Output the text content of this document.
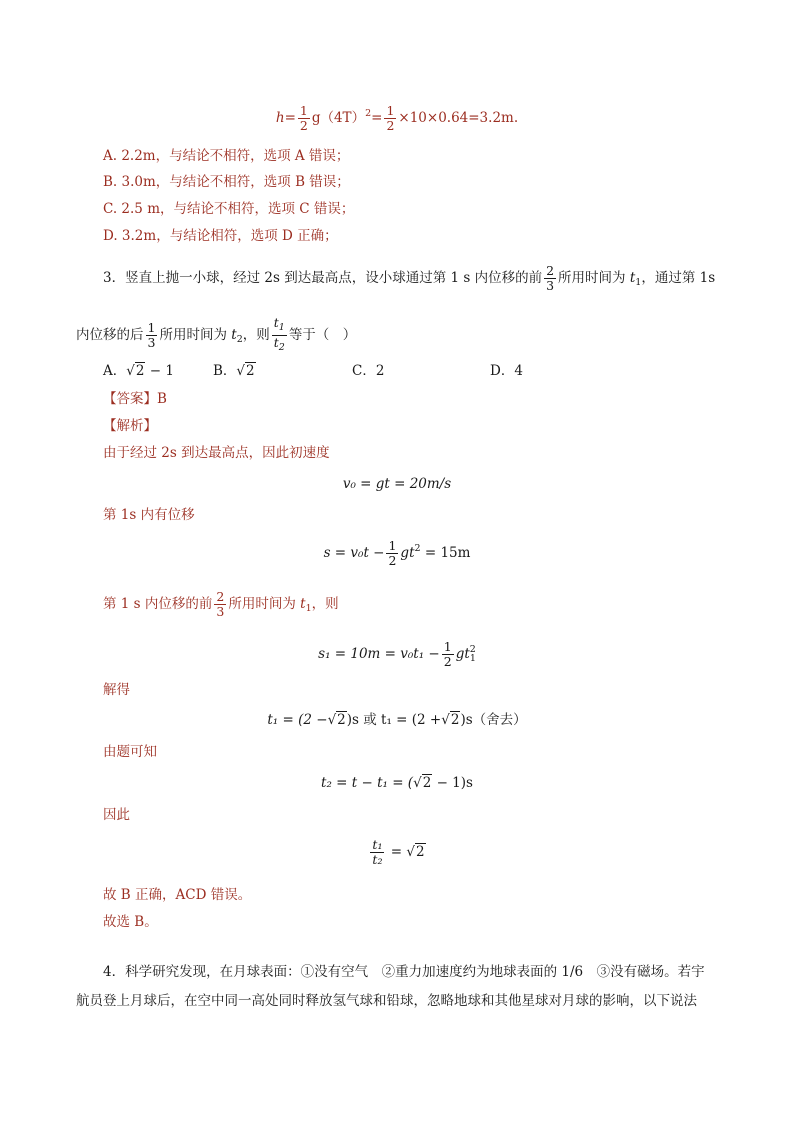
$h= \frac{1}{2} g(4T)^2= \frac{1}{2} \times 10\times 0.64=3.2m$.
A. 2.2m，与结论不相符，选项 A 错误；
B. 3.0m，与结论不相符，选项 B 错误；
C. 2.5 m，与结论不相符，选项 C 错误；
D. 3.2m，与结论相符，选项 D 正确；
3．竖直上抛一小球，经过 2s 到达最高点，设小球通过第 1 s 内位移的前 $\frac{2}{3}$ 所用时间为 $t_1$，通过第 1s
内位移的后 $\frac{1}{3}$ 所用时间为 $t_2$，则 $\frac{t_1}{t_2}$ 等于（　）
A．√2 − 1	B．√2	C．2	D．4
【答案】B
【解析】
由于经过 2s 到达最高点，因此初速度
v₀ = gt = 20m/s
第 1s 内有位移
$s = v_0t - \frac{1}{2} gt^2 = 15m$
第 1 s 内位移的前 $\frac{2}{3}$ 所用时间为 $t_1$，则
$s_1 = 10m = v_0t_1 - \frac{1}{2} gt^2_1$
解得
t₁ = (2 −√2)s 或 t₁ = (2 +√2)s（舍去）
由题可知
t₂ = t − t₁ = (√2 − 1)s
因此
$\frac{\text{t₁}}{\text{t₂}} = √2$
故 B 正确，ACD 错误。
故选 B。
4．科学研究发现，在月球表面：①没有空气　②重力加速度约为地球表面的 1/6　③没有磁场。若宇
航员登上月球后，在空中同一高处同时释放氢气球和铅球，忽略地球和其他星球对月球的影响，以下说法
